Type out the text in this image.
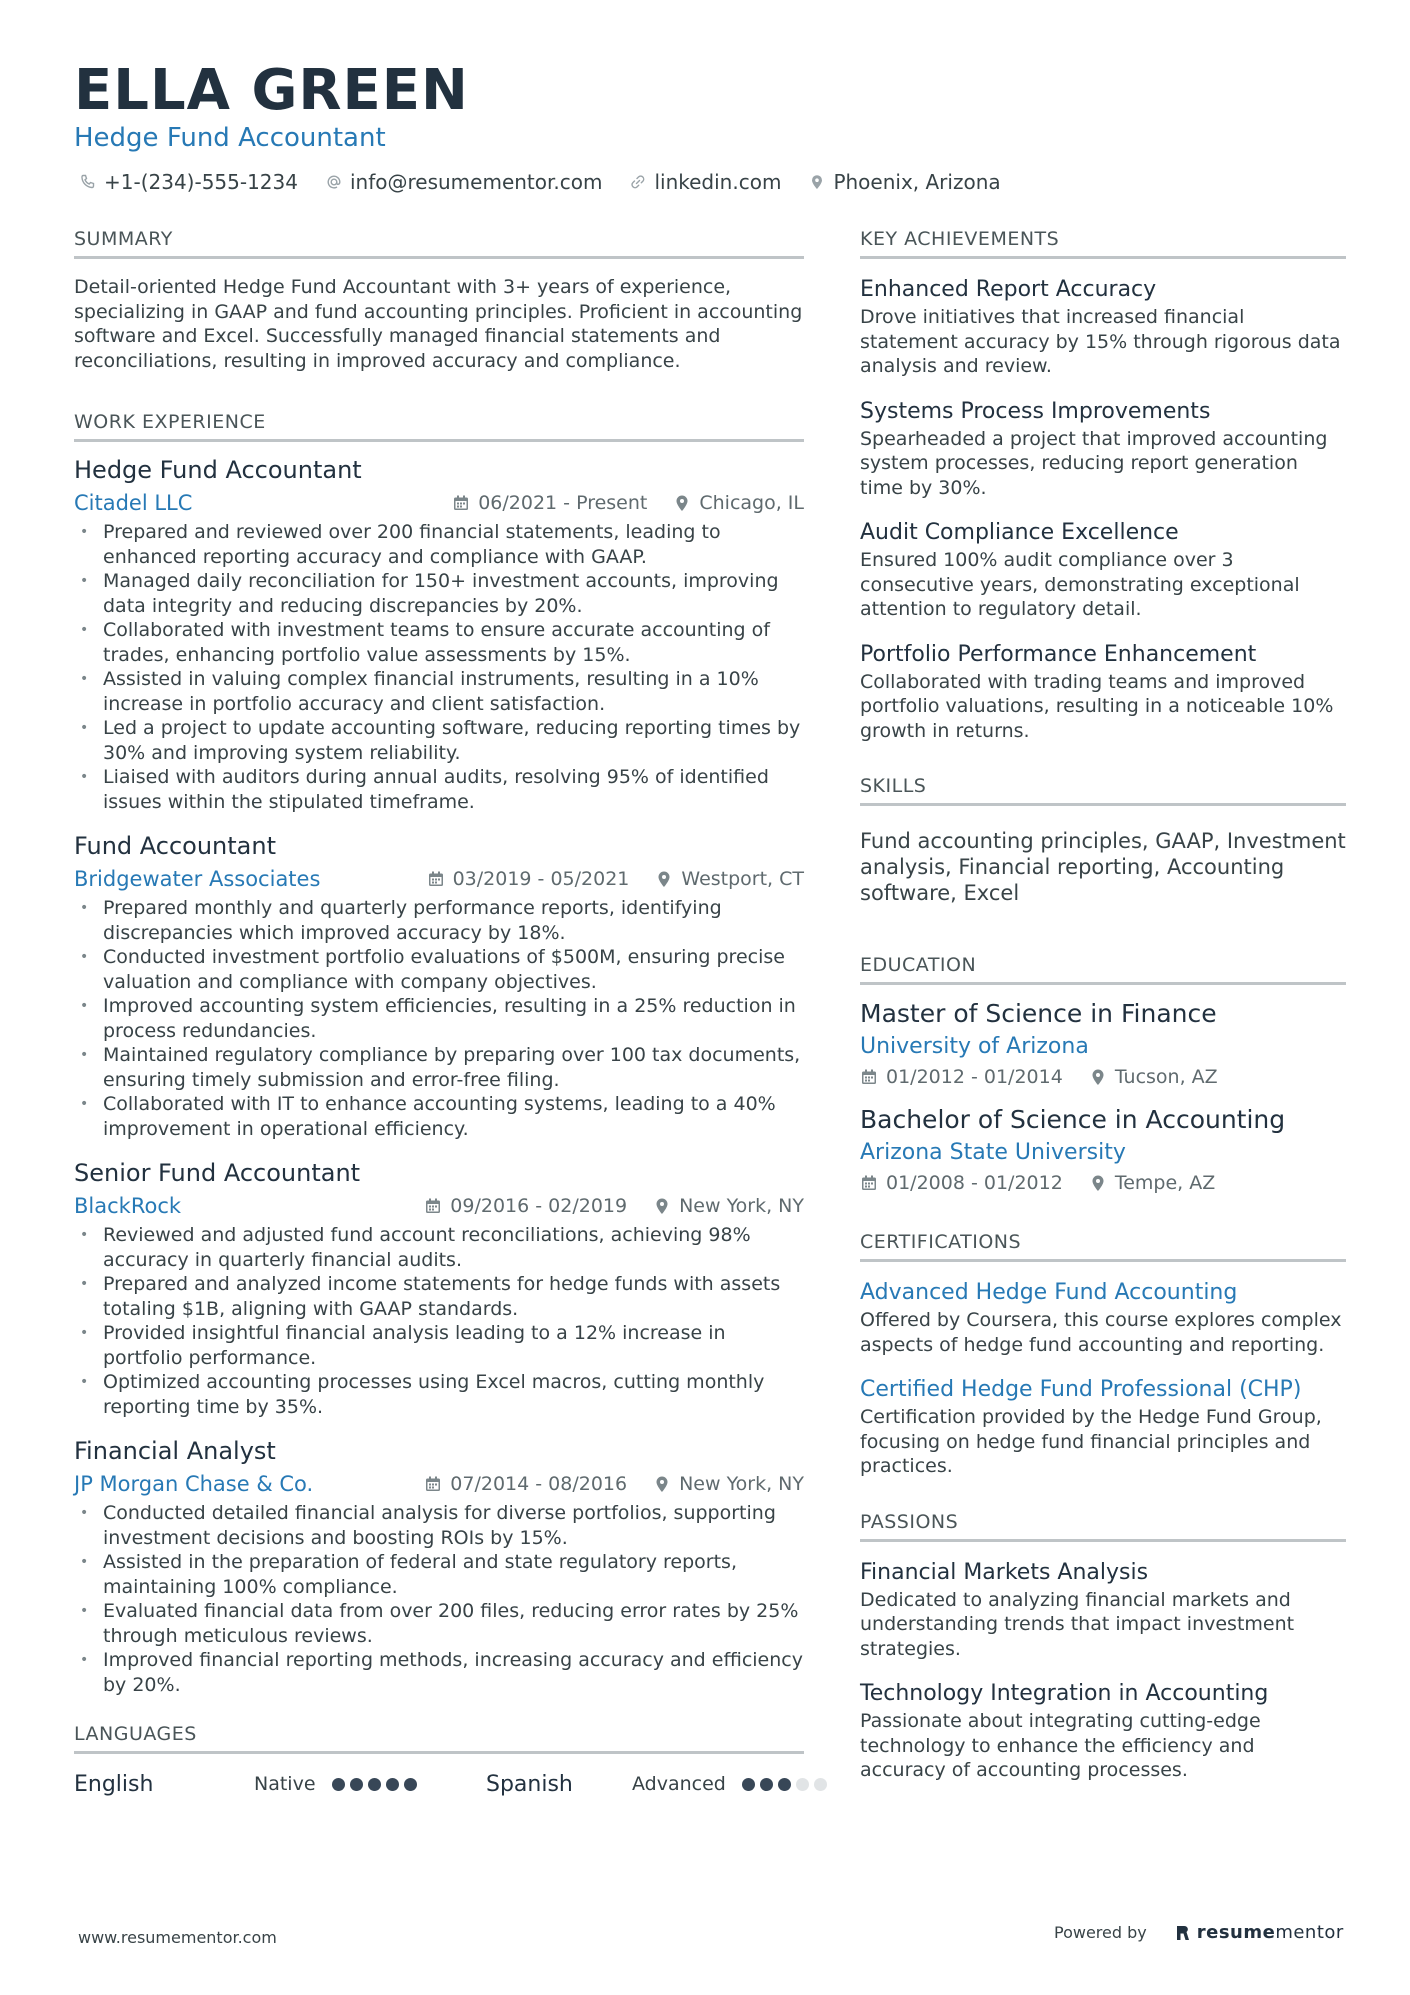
ELLA GREEN
Hedge Fund Accountant
+1-(234)-555-1234	info@resumementor.com	linkedin.com	Phoenix, Arizona
SUMMARY

Detail-oriented Hedge Fund Accountant with 3+ years of experience, specializing in GAAP and fund accounting principles. Proficient in accounting software and Excel. Successfully managed financial statements and reconciliations, resulting in improved accuracy and compliance.

WORK EXPERIENCE
Hedge Fund Accountant
Citadel LLC	06/2021 - Present	Chicago, IL
• Prepared and reviewed over 200 financial statements, leading to enhanced reporting accuracy and compliance with GAAP.
• Managed daily reconciliation for 150+ investment accounts, improving data integrity and reducing discrepancies by 20%.
• Collaborated with investment teams to ensure accurate accounting of trades, enhancing portfolio value assessments by 15%.
• Assisted in valuing complex financial instruments, resulting in a 10% increase in portfolio accuracy and client satisfaction.
• Led a project to update accounting software, reducing reporting times by 30% and improving system reliability.
• Liaised with auditors during annual audits, resolving 95% of identified issues within the stipulated timeframe.
Fund Accountant
Bridgewater Associates	03/2019 - 05/2021	Westport, CT
• Prepared monthly and quarterly performance reports, identifying discrepancies which improved accuracy by 18%.
• Conducted investment portfolio evaluations of $500M, ensuring precise valuation and compliance with company objectives.
• Improved accounting system efficiencies, resulting in a 25% reduction in process redundancies.
• Maintained regulatory compliance by preparing over 100 tax documents, ensuring timely submission and error-free filing.
• Collaborated with IT to enhance accounting systems, leading to a 40% improvement in operational efficiency.
Senior Fund Accountant
BlackRock	09/2016 - 02/2019	New York, NY
• Reviewed and adjusted fund account reconciliations, achieving 98% accuracy in quarterly financial audits.
• Prepared and analyzed income statements for hedge funds with assets totaling $1B, aligning with GAAP standards.
• Provided insightful financial analysis leading to a 12% increase in portfolio performance.
• Optimized accounting processes using Excel macros, cutting monthly reporting time by 35%.
Financial Analyst
JP Morgan Chase & Co.	07/2014 - 08/2016	New York, NY
• Conducted detailed financial analysis for diverse portfolios, supporting investment decisions and boosting ROIs by 15%.
• Assisted in the preparation of federal and state regulatory reports, maintaining 100% compliance.
• Evaluated financial data from over 200 files, reducing error rates by 25% through meticulous reviews.
• Improved financial reporting methods, increasing accuracy and efficiency by 20%.
LANGUAGES
English	Native	Spanish	Advanced
KEY ACHIEVEMENTS
Enhanced Report Accuracy
Drove initiatives that increased financial statement accuracy by 15% through rigorous data analysis and review.
Systems Process Improvements
Spearheaded a project that improved accounting system processes, reducing report generation time by 30%.
Audit Compliance Excellence
Ensured 100% audit compliance over 3 consecutive years, demonstrating exceptional attention to regulatory detail.
Portfolio Performance Enhancement
Collaborated with trading teams and improved portfolio valuations, resulting in a noticeable 10% growth in returns.
SKILLS

Fund accounting principles, GAAP, Investment analysis, Financial reporting, Accounting software, Excel

EDUCATION
Master of Science in Finance
University of Arizona
01/2012 - 01/2014	Tucson, AZ
Bachelor of Science in Accounting
Arizona State University
01/2008 - 01/2012	Tempe, AZ
CERTIFICATIONS
Advanced Hedge Fund Accounting
Offered by Coursera, this course explores complex aspects of hedge fund accounting and reporting.
Certified Hedge Fund Professional (CHP)
Certification provided by the Hedge Fund Group, focusing on hedge fund financial principles and practices.
PASSIONS
Financial Markets Analysis
Dedicated to analyzing financial markets and understanding trends that impact investment strategies.
Technology Integration in Accounting
Passionate about integrating cutting-edge technology to enhance the efficiency and accuracy of accounting processes.
www.resumementor.com	Powered by	resume mentor
